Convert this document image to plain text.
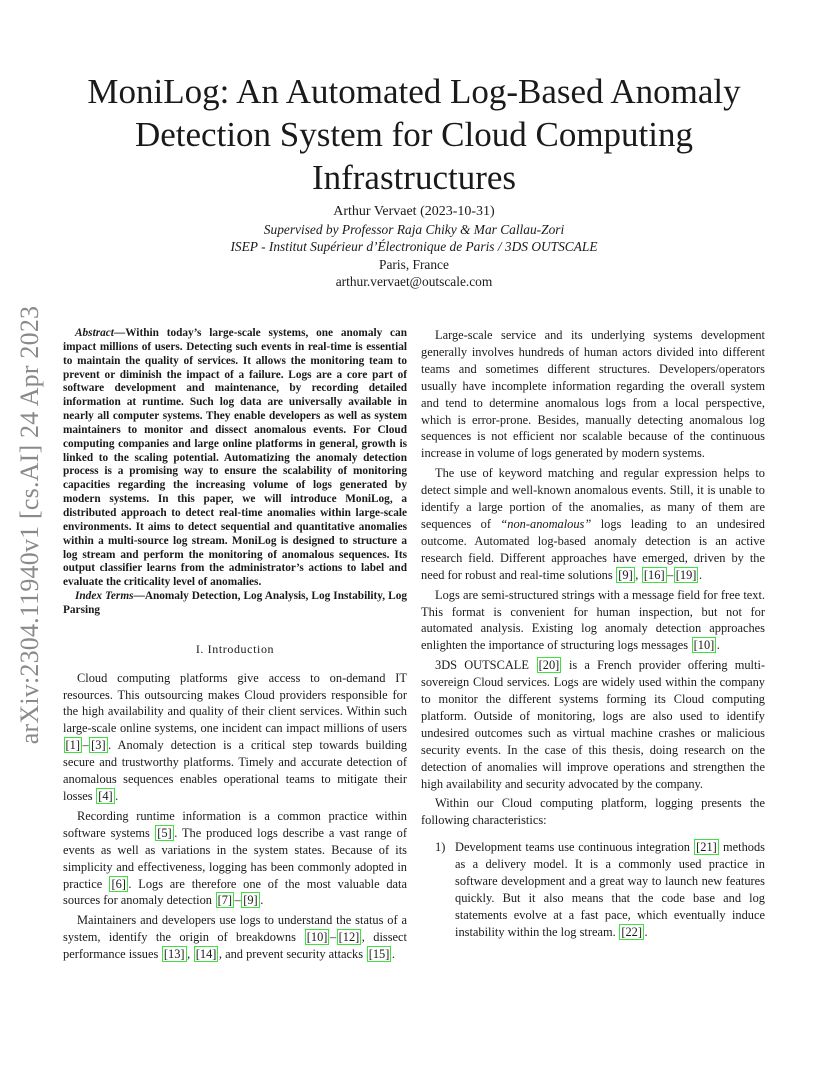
arXiv:2304.11940v1 [cs.AI] 24 Apr 2023
MoniLog: An Automated Log-Based Anomaly
Detection System for Cloud Computing
Infrastructures
Arthur Vervaet (2023-10-31)
Supervised by Professor Raja Chiky & Mar Callau-Zori
ISEP - Institut Supérieur d’Électronique de Paris / 3DS OUTSCALE
Paris, France
arthur.vervaet@outscale.com

Abstract—Within today’s large-scale systems, one anomaly can impact millions of users. Detecting such events in real-time is essential to maintain the quality of services. It allows the monitoring team to prevent or diminish the impact of a failure. Logs are a core part of software development and maintenance, by recording detailed information at runtime. Such log data are universally available in nearly all computer systems. They enable developers as well as system maintainers to monitor and dissect anomalous events. For Cloud computing companies and large online platforms in general, growth is linked to the scaling potential. Automatizing the anomaly detection process is a promising way to ensure the scalability of monitoring capacities regarding the increasing volume of logs generated by modern systems. In this paper, we will introduce MoniLog, a distributed approach to detect real-time anomalies within large-scale environments. It aims to detect sequential and quantitative anomalies within a multi-source log stream. MoniLog is designed to structure a log stream and perform the monitoring of anomalous sequences. Its output classifier learns from the administrator’s actions to label and evaluate the criticality level of anomalies.

Index Terms—Anomaly Detection, Log Analysis, Log Instability, Log Parsing

I. Introduction

Cloud computing platforms give access to on-demand IT resources. This outsourcing makes Cloud providers responsible for the high availability and quality of their client services. Within such large-scale online systems, one incident can impact millions of users [1] – [3] . Anomaly detection is a critical step towards building secure and trustworthy platforms. Timely and accurate detection of anomalous sequences enables operational teams to mitigate their losses [4] .

Recording runtime information is a common practice within software systems [5] . The produced logs describe a vast range of events as well as variations in the system states. Because of its simplicity and effectiveness, logging has been commonly adopted in practice [6] . Logs are therefore one of the most valuable data sources for anomaly detection [7] – [9] .

Maintainers and developers use logs to understand the status of a system, identify the origin of breakdowns [10] – [12] , dissect performance issues [13] , [14] , and prevent security attacks [15] .

Large-scale service and its underlying systems development generally involves hundreds of human actors divided into different teams and sometimes different structures. Developers/operators usually have incomplete information regarding the overall system and tend to determine anomalous logs from a local perspective, which is error-prone. Besides, manually detecting anomalous log sequences is not efficient nor scalable because of the continuous increase in volume of logs generated by modern systems.

The use of keyword matching and regular expression helps to detect simple and well-known anomalous events. Still, it is unable to identify a large portion of the anomalies, as many of them are sequences of “non-anomalous” logs leading to an undesired outcome. Automated log-based anomaly detection is an active research field. Different approaches have emerged, driven by the need for robust and real-time solutions [9] , [16] – [19] .

Logs are semi-structured strings with a message field for free text. This format is convenient for human inspection, but not for automated analysis. Existing log anomaly detection approaches enlighten the importance of structuring logs messages [10] .

3DS OUTSCALE [20] is a French provider offering multi-sovereign Cloud services. Logs are widely used within the company to monitor the different systems forming its Cloud computing platform. Outside of monitoring, logs are also used to identify undesired outcomes such as virtual machine crashes or malicious security events. In the case of this thesis, doing research on the detection of anomalies will improve operations and strengthen the high availability and security advocated by the company.

Within our Cloud computing platform, logging presents the following characteristics:

1) Development teams use continuous integration [21] methods as a delivery model. It is a commonly used practice in software development and a great way to launch new features quickly. But it also means that the code base and log statements evolve at a fast pace, which eventually induce instability within the log stream. [22] .
